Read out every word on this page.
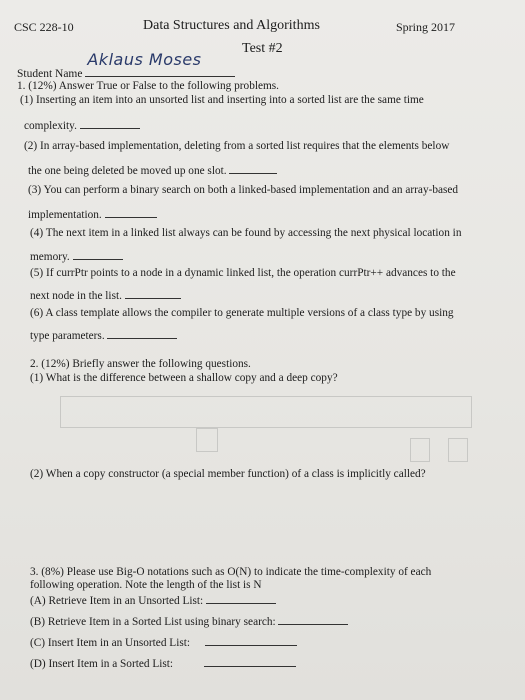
CSC 228-10	Data Structures and Algorithms	Spring 2017
Test #2
Student Name
Aklaus Moses
1. (12%) Answer True or False to the following problems.
(1) Inserting an item into an unsorted list and inserting into a sorted list are the same time
complexity.
(2) In array-based implementation, deleting from a sorted list requires that the elements below
the one being deleted be moved up one slot.
(3) You can perform a binary search on both a linked-based implementation and an array-based
implementation.
(4) The next item in a linked list always can be found by accessing the next physical location in
memory.
(5) If currPtr points to a node in a dynamic linked list, the operation currPtr++ advances to the
next node in the list.
(6) A class template allows the compiler to generate multiple versions of a class type by using
type parameters.
2. (12%) Briefly answer the following questions.
(1) What is the difference between a shallow copy and a deep copy?
(2) When a copy constructor (a special member function) of a class is implicitly called?
3. (8%) Please use Big-O notations such as O(N) to indicate the time-complexity of each
following operation. Note the length of the list is N
(A) Retrieve Item in an Unsorted List:
(B) Retrieve Item in a Sorted List using binary search:
(C) Insert Item in an Unsorted List:
(D) Insert Item in a Sorted List:
